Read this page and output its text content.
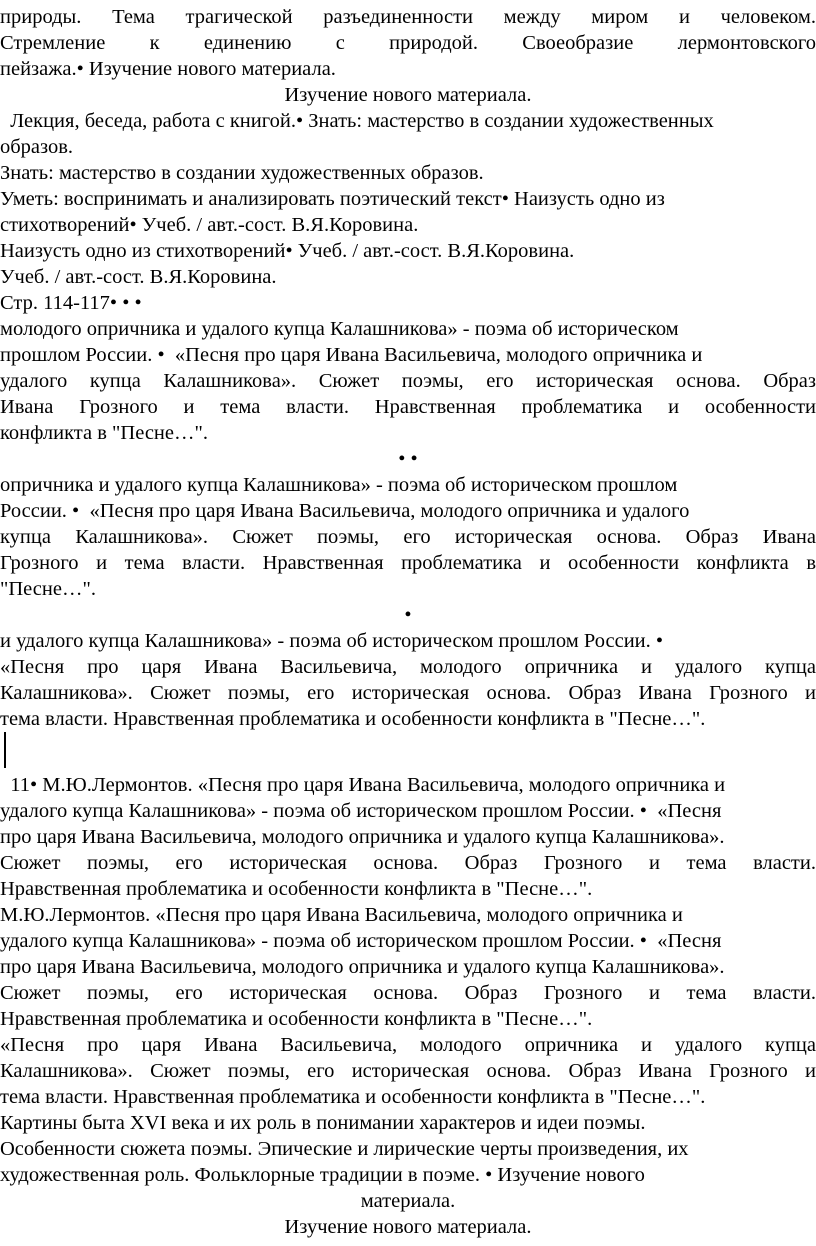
природы. Тема трагической разъединенности между миром и человеком.
Стремление к единению с природой. Своеобразие лермонтовского
пейзажа.• Изучение нового материала.
Изучение нового материала.
Лекция, беседа, работа с книгой.• Знать: мастерство в создании художественных
образов.
Знать: мастерство в создании художественных образов.
Уметь: воспринимать и анализировать поэтический текст• Наизусть одно из
стихотворений• Учеб. / авт.-сост. В.Я.Коровина.
Наизусть одно из стихотворений• Учеб. / авт.-сост. В.Я.Коровина.
Учеб. / авт.-сост. В.Я.Коровина.
Стр. 114-117• • •
молодого опричника и удалого купца Калашникова» - поэма об историческом
прошлом России. •  «Песня про царя Ивана Васильевича, молодого опричника и
удалого купца Калашникова». Сюжет поэмы, его историческая основа. Образ
Ивана Грозного и тема власти. Нравственная проблематика и особенности
конфликта в "Песне…".
• •
опричника и удалого купца Калашникова» - поэма об историческом прошлом
России. •  «Песня про царя Ивана Васильевича, молодого опричника и удалого
купца Калашникова». Сюжет поэмы, его историческая основа. Образ Ивана
Грозного и тема власти. Нравственная проблематика и особенности конфликта в
"Песне…".
•
и удалого купца Калашникова» - поэма об историческом прошлом России. •
«Песня про царя Ивана Васильевича, молодого опричника и удалого купца
Калашникова». Сюжет поэмы, его историческая основа. Образ Ивана Грозного и
тема власти. Нравственная проблематика и особенности конфликта в "Песне…".
11• М.Ю.Лермонтов. «Песня про царя Ивана Васильевича, молодого опричника и
удалого купца Калашникова» - поэма об историческом прошлом России. •  «Песня
про царя Ивана Васильевича, молодого опричника и удалого купца Калашникова».
Сюжет поэмы, его историческая основа. Образ Грозного и тема власти.
Нравственная проблематика и особенности конфликта в "Песне…".
М.Ю.Лермонтов. «Песня про царя Ивана Васильевича, молодого опричника и
удалого купца Калашникова» - поэма об историческом прошлом России. •  «Песня
про царя Ивана Васильевича, молодого опричника и удалого купца Калашникова».
Сюжет поэмы, его историческая основа. Образ Грозного и тема власти.
Нравственная проблематика и особенности конфликта в "Песне…".
«Песня про царя Ивана Васильевича, молодого опричника и удалого купца
Калашникова». Сюжет поэмы, его историческая основа. Образ Ивана Грозного и
тема власти. Нравственная проблематика и особенности конфликта в "Песне…".
Картины быта XVI века и их роль в понимании характеров и идеи поэмы.
Особенности сюжета поэмы. Эпические и лирические черты произведения, их
художественная роль. Фольклорные традиции в поэме. • Изучение нового
материала.
Изучение нового материала.
